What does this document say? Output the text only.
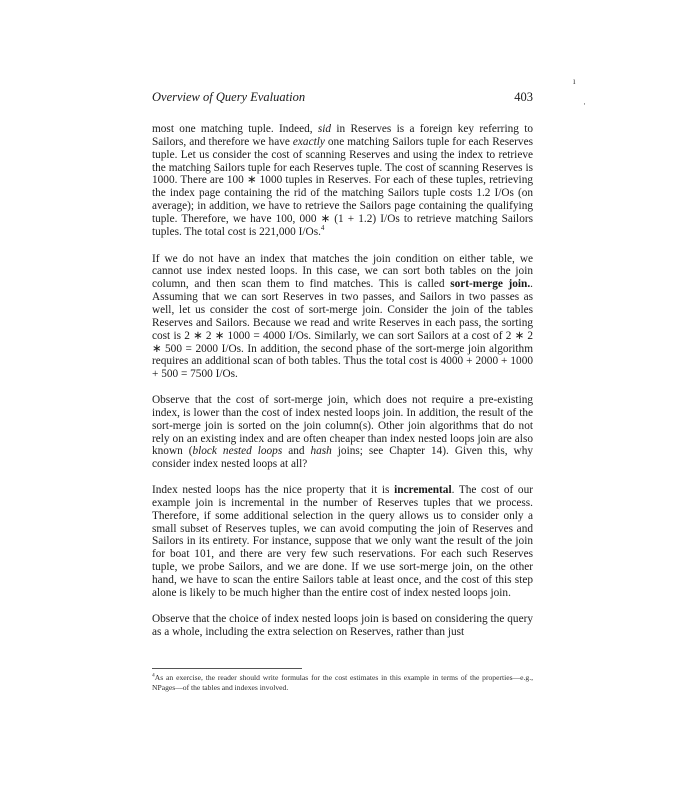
ı
·
Overview of Query Evaluation	403

most one matching tuple. Indeed, sid in Reserves is a foreign key referring to Sailors, and therefore we have exactly one matching Sailors tuple for each Reserves tuple. Let us consider the cost of scanning Reserves and using the index to retrieve the matching Sailors tuple for each Reserves tuple. The cost of scanning Reserves is 1000. There are 100 ∗ 1000 tuples in Reserves. For each of these tuples, retrieving the index page containing the rid of the matching Sailors tuple costs 1.2 I/Os (on average); in addition, we have to retrieve the Sailors page containing the qualifying tuple. Therefore, we have 100, 000 ∗ (1 + 1.2) I/Os to retrieve matching Sailors tuples. The total cost is 221,000 I/Os.$^4$

If we do not have an index that matches the join condition on either table, we cannot use index nested loops. In this case, we can sort both tables on the join column, and then scan them to find matches. This is called sort-merge join.. Assuming that we can sort Reserves in two passes, and Sailors in two passes as well, let us consider the cost of sort-merge join. Consider the join of the tables Reserves and Sailors. Because we read and write Reserves in each pass, the sorting cost is 2 ∗ 2 ∗ 1000 = 4000 I/Os. Similarly, we can sort Sailors at a cost of 2 ∗ 2 ∗ 500 = 2000 I/Os. In addition, the second phase of the sort-merge join algorithm requires an additional scan of both tables. Thus the total cost is 4000 + 2000 + 1000 + 500 = 7500 I/Os.

Observe that the cost of sort-merge join, which does not require a pre-existing index, is lower than the cost of index nested loops join. In addition, the result of the sort-merge join is sorted on the join column(s). Other join algorithms that do not rely on an existing index and are often cheaper than index nested loops join are also known (block nested loops and hash joins; see Chapter 14). Given this, why consider index nested loops at all?

Index nested loops has the nice property that it is incremental. The cost of our example join is incremental in the number of Reserves tuples that we process. Therefore, if some additional selection in the query allows us to consider only a small subset of Reserves tuples, we can avoid computing the join of Reserves and Sailors in its entirety. For instance, suppose that we only want the result of the join for boat 101, and there are very few such reservations. For each such Reserves tuple, we probe Sailors, and we are done. If we use sort-merge join, on the other hand, we have to scan the entire Sailors table at least once, and the cost of this step alone is likely to be much higher than the entire cost of index nested loops join.

Observe that the choice of index nested loops join is based on considering the query as a whole, including the extra selection on Reserves, rather than just

$^4$As an exercise, the reader should write formulas for the cost estimates in this example in terms of the properties—e.g., NPages—of the tables and indexes involved.
